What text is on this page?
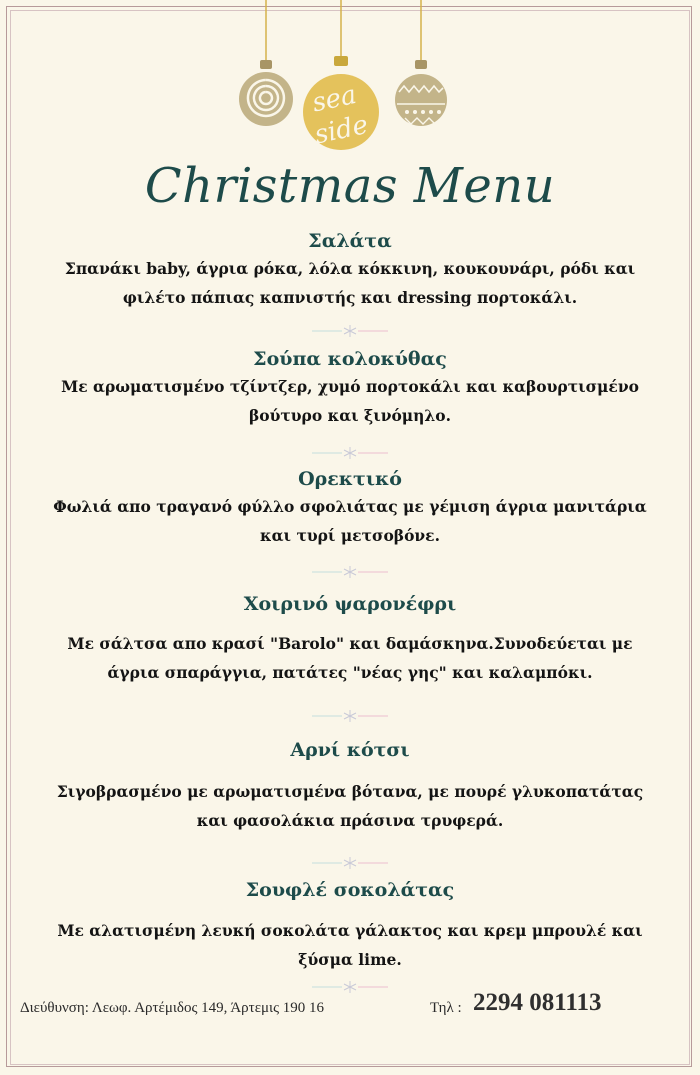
sea
side
Christmas Menu
Σαλάτα

Σπανάκι baby, άγρια ρόκα, λόλα κόκκινη, κουκουνάρι, ρόδι και

φιλέτο πάπιας καπνιστής και dressing πορτοκάλι.

Σούπα κολοκύθας

Με αρωματισμένο τζίντζερ, χυμό πορτοκάλι και καβουρτισμένο

βούτυρο και ξινόμηλο.

Ορεκτικό

Φωλιά απο τραγανό φύλλο σφολιάτας με γέμιση άγρια μανιτάρια

και τυρί μετσοβόνε.

Χοιρινό ψαρονέφρι

Με σάλτσα απο κρασί "Barolo" και δαμάσκηνα.Συνοδεύεται με

άγρια σπαράγγια, πατάτες "νέας γης" και καλαμπόκι.

Αρνί κότσι

Σιγοβρασμένο με αρωματισμένα βότανα, με πουρέ γλυκοπατάτας

και φασολάκια πράσινα τρυφερά.

Σουφλέ σοκολάτας

Με αλατισμένη λευκή σοκολάτα γάλακτος και κρεμ μπρουλέ και

ξύσμα lime.

Διεύθυνση: Λεωφ. Αρτέμιδος 149, Άρτεμις 190 16	Τηλ : 2294 081113
